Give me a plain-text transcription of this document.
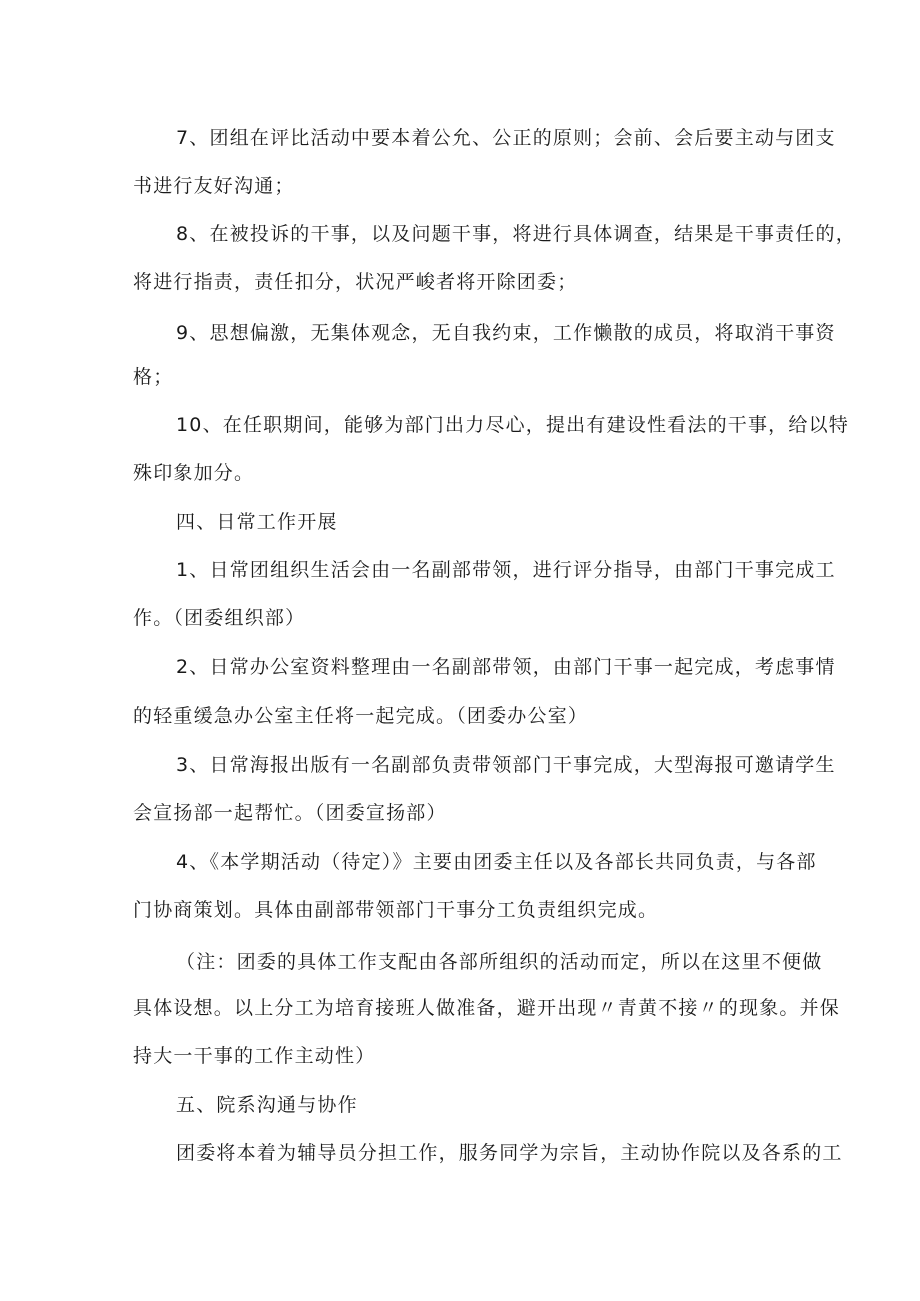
7、团组在评比活动中要本着公允、公正的原则；会前、会后要主动与团支
书进行友好沟通；
8、在被投诉的干事，以及问题干事，将进行具体调查，结果是干事责任的，
将进行指责，责任扣分，状况严峻者将开除团委；
9、思想偏激，无集体观念，无自我约束，工作懒散的成员，将取消干事资
格；
10、在任职期间，能够为部门出力尽心，提出有建设性看法的干事，给以特
殊印象加分。
四、日常工作开展
1、日常团组织生活会由一名副部带领，进行评分指导，由部门干事完成工
作。（团委组织部）
2、日常办公室资料整理由一名副部带领，由部门干事一起完成，考虑事情
的轻重缓急办公室主任将一起完成。（团委办公室）
3、日常海报出版有一名副部负责带领部门干事完成，大型海报可邀请学生
会宣扬部一起帮忙。（团委宣扬部）
4、《本学期活动（待定）》主要由团委主任以及各部长共同负责，与各部
门协商策划。具体由副部带领部门干事分工负责组织完成。
（注：团委的具体工作支配由各部所组织的活动而定，所以在这里不便做
具体设想。以上分工为培育接班人做准备，避开出现〃青黄不接〃的现象。并保
持大一干事的工作主动性）
五、院系沟通与协作
团委将本着为辅导员分担工作，服务同学为宗旨，主动协作院以及各系的工
